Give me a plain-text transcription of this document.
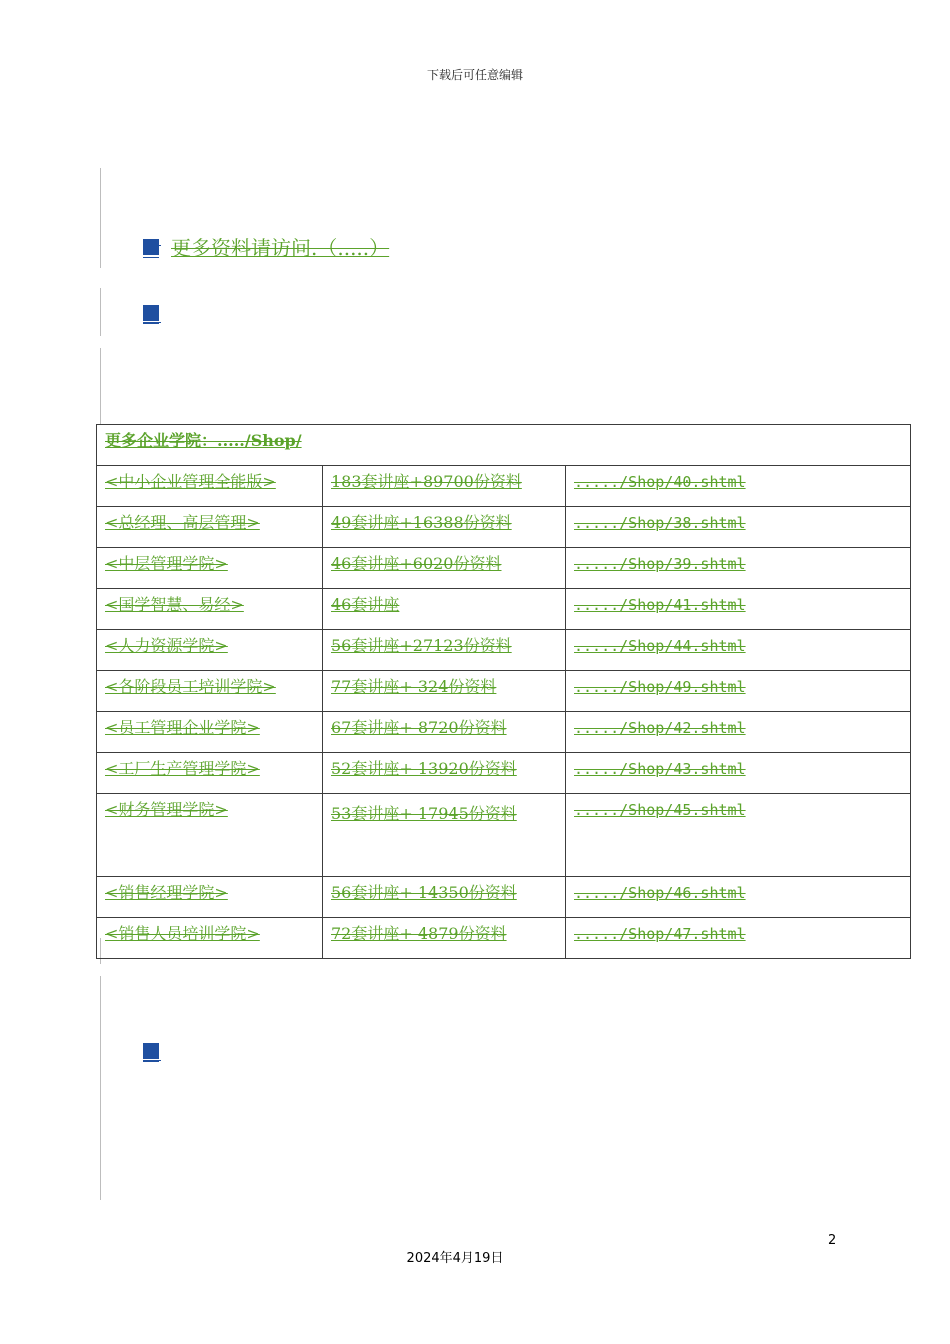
下载后可任意编辑
更多资料请访问.（.....）
更多企业学院：...../Shop/		
<中小企业管理全能版>	183套讲座+89700份资料	...../Shop/40.shtml
<总经理、高层管理>	49套讲座+16388份资料	...../Shop/38.shtml
<中层管理学院>	46套讲座+6020份资料	...../Shop/39.shtml
<国学智慧、易经>	46套讲座	...../Shop/41.shtml
<人力资源学院>	56套讲座+27123份资料	...../Shop/44.shtml
<各阶段员工培训学院>	77套讲座+ 324份资料	...../Shop/49.shtml
<员工管理企业学院>	67套讲座+ 8720份资料	...../Shop/42.shtml
<工厂生产管理学院>	52套讲座+ 13920份资料	...../Shop/43.shtml
<财务管理学院>	53套讲座+ 17945份资料	...../Shop/45.shtml
<销售经理学院>	56套讲座+ 14350份资料	...../Shop/46.shtml
<销售人员培训学院>	72套讲座+ 4879份资料	...../Shop/47.shtml
2
2024年4月19日
